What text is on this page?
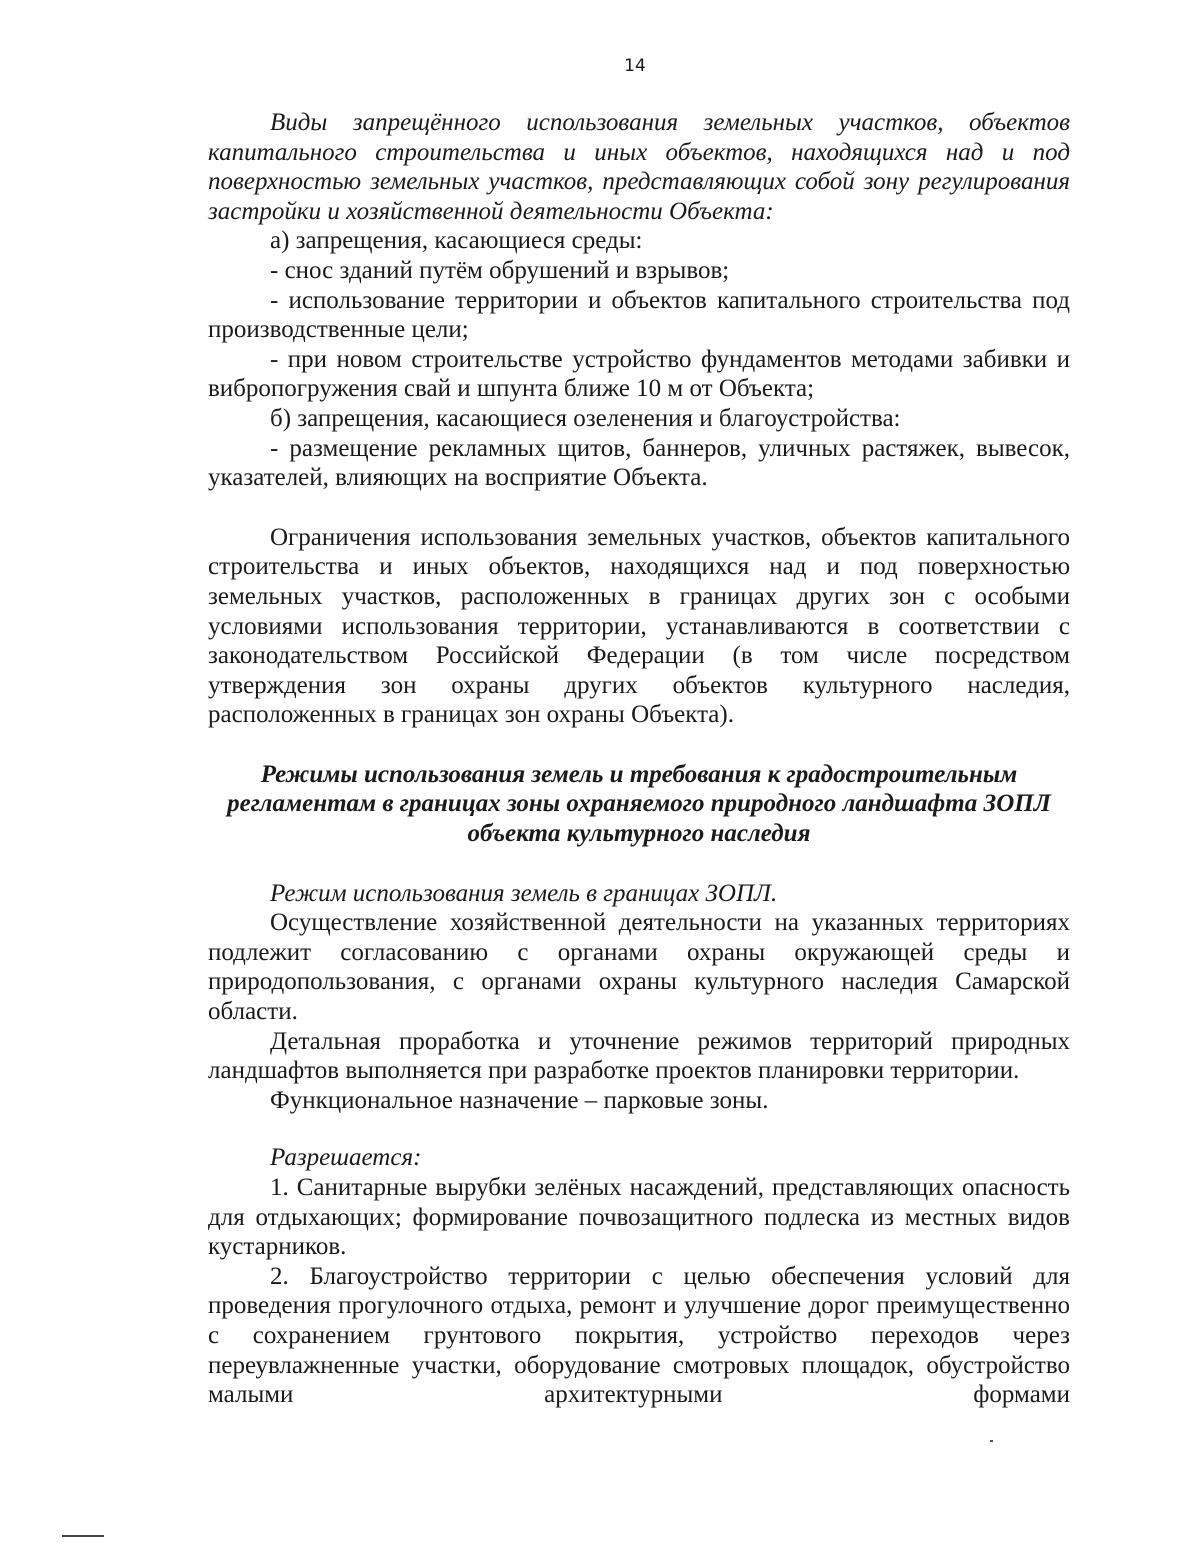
14

Виды запрещённого использования земельных участков, объектов капитального строительства и иных объектов, находящихся над и под поверхностью земельных участков, представляющих собой зону регулирования застройки и хозяйственной деятельности Объекта:

а) запрещения, касающиеся среды:

- снос зданий путём обрушений и взрывов;

- использование территории и объектов капитального строительства под производственные цели;

- при новом строительстве устройство фундаментов методами забивки и вибропогружения свай и шпунта ближе 10 м от Объекта;

б) запрещения, касающиеся озеленения и благоустройства:

- размещение рекламных щитов, баннеров, уличных растяжек, вывесок, указателей, влияющих на восприятие Объекта.

Ограничения использования земельных участков, объектов капитального строительства и иных объектов, находящихся над и под поверхностью земельных участков, расположенных в границах других зон с особыми условиями использования территории, устанавливаются в соответствии с законодательством Российской Федерации (в том числе посредством утверждения зон охраны других объектов культурного наследия, расположенных в границах зон охраны Объекта).

Режимы использования земель и требования к градостроительным регламентам в границах зоны охраняемого природного ландшафта ЗОПЛ объекта культурного наследия

Режим использования земель в границах ЗОПЛ.

Осуществление хозяйственной деятельности на указанных территориях подлежит согласованию с органами охраны окружающей среды и природопользования, с органами охраны культурного наследия Самарской области.

Детальная проработка и уточнение режимов территорий природных ландшафтов выполняется при разработке проектов планировки территории.

Функциональное назначение – парковые зоны.

Разрешается:

1. Санитарные вырубки зелёных насаждений, представляющих опасность для отдыхающих; формирование почвозащитного подлеска из местных видов кустарников.

2. Благоустройство территории с целью обеспечения условий для проведения прогулочного отдыха, ремонт и улучшение дорог преимущественно с сохранением грунтового покрытия, устройство переходов через переувлажненные участки, оборудование смотровых площадок, обустройство малыми архитектурными формами
